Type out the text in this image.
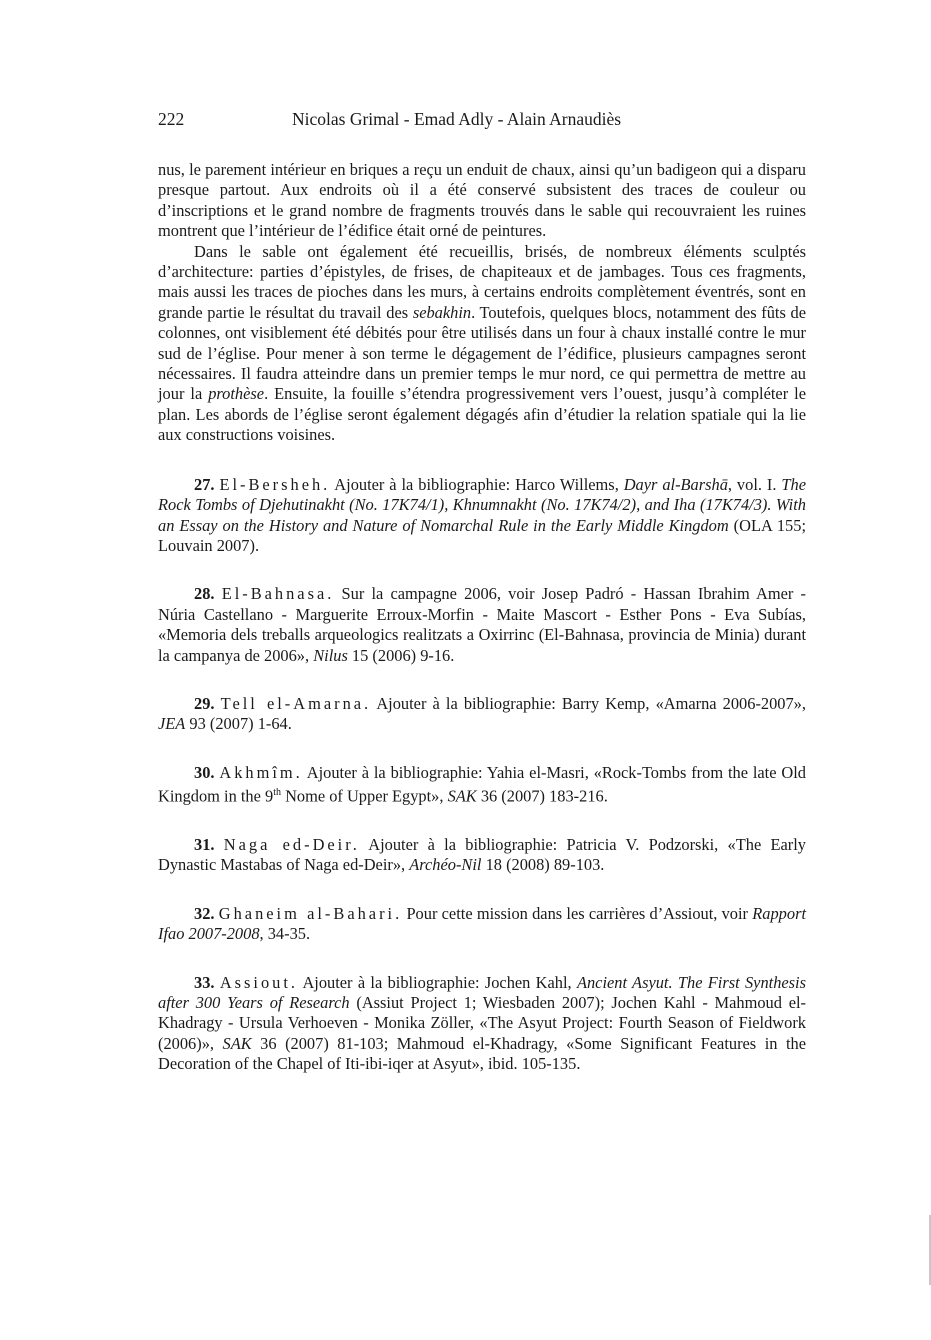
222	Nicolas Grimal - Emad Adly - Alain Arnaudiès

nus, le parement intérieur en briques a reçu un enduit de chaux, ainsi qu’un badigeon qui a disparu presque partout. Aux endroits où il a été conservé subsistent des traces de couleur ou d’inscriptions et le grand nombre de fragments trouvés dans le sable qui recouvraient les ruines montrent que l’intérieur de l’édifice était orné de peintures.

Dans le sable ont également été recueillis, brisés, de nombreux éléments sculptés d’architecture: parties d’épistyles, de frises, de chapiteaux et de jambages. Tous ces fragments, mais aussi les traces de pioches dans les murs, à certains endroits complètement éventrés, sont en grande partie le résultat du travail des sebakhin. Toutefois, quelques blocs, notamment des fûts de colonnes, ont visiblement été débités pour être utilisés dans un four à chaux installé contre le mur sud de l’église. Pour mener à son terme le dégagement de l’édifice, plusieurs campagnes seront nécessaires. Il faudra atteindre dans un premier temps le mur nord, ce qui permettra de mettre au jour la prothèse. Ensuite, la fouille s’étendra progressivement vers l’ouest, jusqu’à compléter le plan. Les abords de l’église seront également dégagés afin d’étudier la relation spatiale qui la lie aux constructions voisines.

27. El-Bersheh. Ajouter à la bibliographie: Harco Willems, Dayr al-Barshā, vol. I. The Rock Tombs of Djehutinakht (No. 17K74/1), Khnumnakht (No. 17K74/2), and Iha (17K74/3). With an Essay on the History and Nature of Nomarchal Rule in the Early Middle Kingdom (OLA 155; Louvain 2007).

28. El-Bahnasa. Sur la campagne 2006, voir Josep Padró - Hassan Ibrahim Amer - Núria Castellano - Marguerite Erroux-Morfin - Maite Mascort - Esther Pons - Eva Subías, «Memoria dels treballs arqueologics realitzats a Oxirrinc (El-Bahnasa, provincia de Minia) durant la campanya de 2006», Nilus 15 (2006) 9-16.

29. Tell el-Amarna. Ajouter à la bibliographie: Barry Kemp, «Amarna 2006-2007», JEA 93 (2007) 1-64.

30. Akhmîm. Ajouter à la bibliographie: Yahia el-Masri, «Rock-Tombs from the late Old Kingdom in the 9th Nome of Upper Egypt», SAK 36 (2007) 183-216.

31. Naga ed-Deir. Ajouter à la bibliographie: Patricia V. Podzorski, «The Early Dynastic Mastabas of Naga ed-Deir», Archéo-Nil 18 (2008) 89-103.

32. Ghaneim al-Bahari. Pour cette mission dans les carrières d’Assiout, voir Rapport Ifao 2007-2008, 34-35.

33. Assiout. Ajouter à la bibliographie: Jochen Kahl, Ancient Asyut. The First Synthesis after 300 Years of Research (Assiut Project 1; Wiesbaden 2007); Jochen Kahl - Mahmoud el-Khadragy - Ursula Verhoeven - Monika Zöller, «The Asyut Project: Fourth Season of Fieldwork (2006)», SAK 36 (2007) 81-103; Mahmoud el-Khadragy, «Some Significant Features in the Decoration of the Chapel of Iti-ibi-iqer at Asyut», ibid. 105-135.
